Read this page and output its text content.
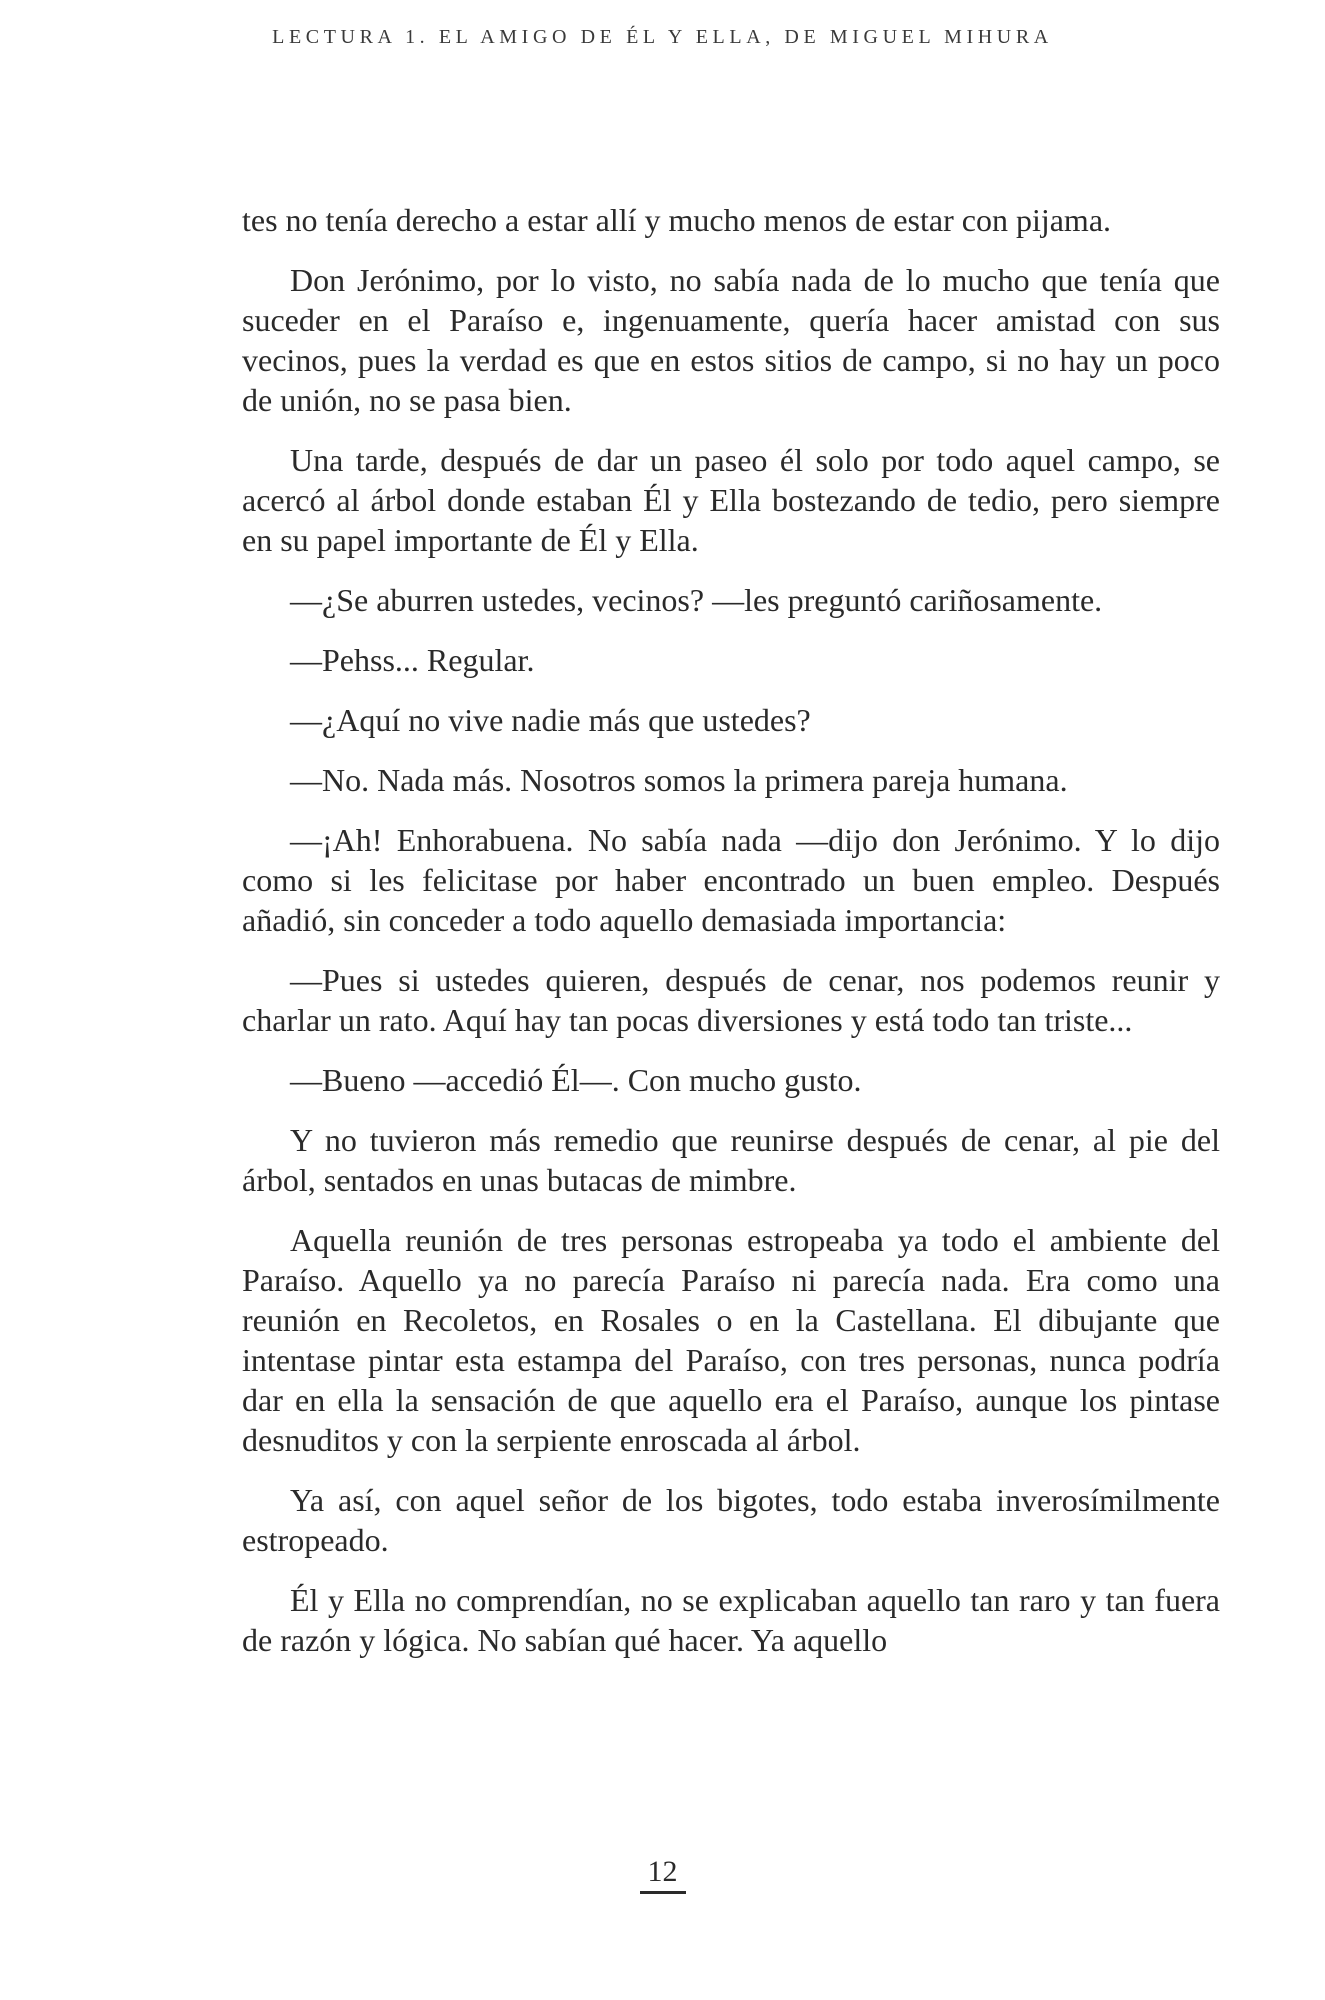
LECTURA 1. EL AMIGO DE ÉL Y ELLA, DE MIGUEL MIHURA

tes no tenía derecho a estar allí y mucho menos de estar con pijama.

Don Jerónimo, por lo visto, no sabía nada de lo mucho que tenía que suceder en el Paraíso e, ingenuamente, quería hacer amistad con sus vecinos, pues la verdad es que en estos sitios de campo, si no hay un poco de unión, no se pasa bien.

Una tarde, después de dar un paseo él solo por todo aquel campo, se acercó al árbol donde estaban Él y Ella bostezando de tedio, pero siempre en su papel importante de Él y Ella.

—¿Se aburren ustedes, vecinos? —les preguntó cariñosamente.

—Pehss... Regular.

—¿Aquí no vive nadie más que ustedes?

—No. Nada más. Nosotros somos la primera pareja humana.

—¡Ah! Enhorabuena. No sabía nada —dijo don Jerónimo. Y lo dijo como si les felicitase por haber encontrado un buen empleo. Después añadió, sin conceder a todo aquello demasiada importancia:

—Pues si ustedes quieren, después de cenar, nos podemos reunir y charlar un rato. Aquí hay tan pocas diversiones y está todo tan triste...

—Bueno —accedió Él—. Con mucho gusto.

Y no tuvieron más remedio que reunirse después de cenar, al pie del árbol, sentados en unas butacas de mimbre.

Aquella reunión de tres personas estropeaba ya todo el ambiente del Paraíso. Aquello ya no parecía Paraíso ni parecía nada. Era como una reunión en Recoletos, en Rosales o en la Castellana. El dibujante que intentase pintar esta estampa del Paraíso, con tres personas, nunca podría dar en ella la sensación de que aquello era el Paraíso, aunque los pintase desnuditos y con la serpiente enroscada al árbol.

Ya así, con aquel señor de los bigotes, todo estaba inverosímilmente estropeado.

Él y Ella no comprendían, no se explicaban aquello tan raro y tan fuera de razón y lógica. No sabían qué hacer. Ya aquello

12
